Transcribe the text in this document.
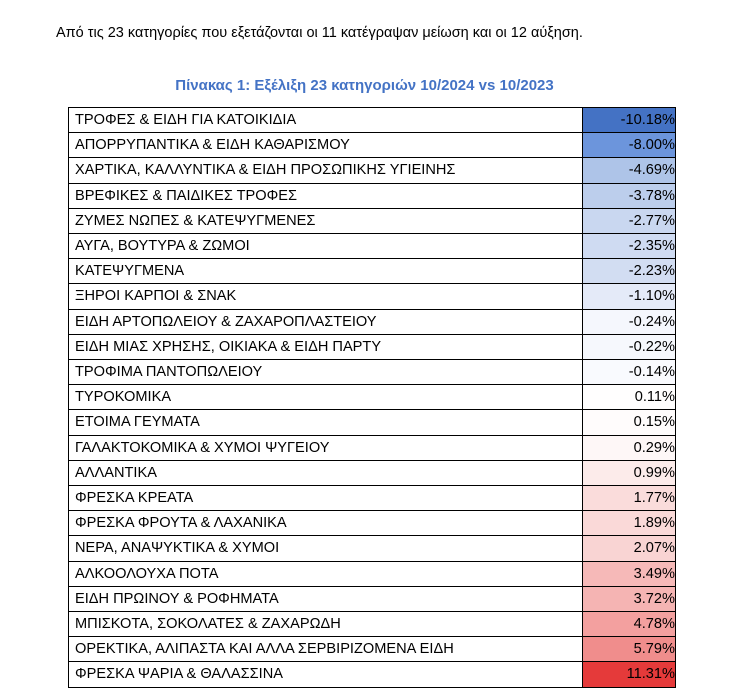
Από τις 23 κατηγορίες που εξετάζονται οι 11 κατέγραψαν μείωση και οι 12 αύξηση.
Πίνακας 1: Εξέλιξη 23 κατηγοριών 10/2024 vs 10/2023
ΤΡΟΦΕΣ & ΕΙΔΗ ΓΙΑ ΚΑΤΟΙΚΙΔΙΑ	-10.18%
ΑΠΟΡΡΥΠΑΝΤΙΚΑ & ΕΙΔΗ ΚΑΘΑΡΙΣΜΟΥ	-8.00%
ΧΑΡΤΙΚΑ, ΚΑΛΛΥΝΤΙΚΑ & ΕΙΔΗ ΠΡΟΣΩΠΙΚΗΣ ΥΓΙΕΙΝΗΣ	-4.69%
ΒΡΕΦΙΚΕΣ & ΠΑΙΔΙΚΕΣ ΤΡΟΦΕΣ	-3.78%
ΖΥΜΕΣ ΝΩΠΕΣ & ΚΑΤΕΨΥΓΜΕΝΕΣ	-2.77%
ΑΥΓΑ, ΒΟΥΤΥΡΑ & ΖΩΜΟΙ	-2.35%
ΚΑΤΕΨΥΓΜΕΝΑ	-2.23%
ΞΗΡΟΙ ΚΑΡΠΟΙ & ΣΝΑΚ	-1.10%
ΕΙΔΗ ΑΡΤΟΠΩΛΕΙΟΥ & ΖΑΧΑΡΟΠΛΑΣΤΕΙΟΥ	-0.24%
ΕΙΔΗ ΜΙΑΣ ΧΡΗΣΗΣ, ΟΙΚΙΑΚΑ & ΕΙΔΗ ΠΑΡΤΥ	-0.22%
ΤΡΟΦΙΜΑ ΠΑΝΤΟΠΩΛΕΙΟΥ	-0.14%
ΤΥΡΟΚΟΜΙΚΑ	0.11%
ΕΤΟΙΜΑ ΓΕΥΜΑΤΑ	0.15%
ΓΑΛΑΚΤΟΚΟΜΙΚΑ & ΧΥΜΟΙ ΨΥΓΕΙΟΥ	0.29%
ΑΛΛΑΝΤΙΚΑ	0.99%
ΦΡΕΣΚΑ ΚΡΕΑΤΑ	1.77%
ΦΡΕΣΚΑ ΦΡΟΥΤΑ & ΛΑΧΑΝΙΚΑ	1.89%
ΝΕΡΑ, ΑΝΑΨΥΚΤΙΚΑ & ΧΥΜΟΙ	2.07%
ΑΛΚΟΟΛΟΥΧΑ ΠΟΤΑ	3.49%
ΕΙΔΗ ΠΡΩΙΝΟΥ & ΡΟΦΗΜΑΤΑ	3.72%
ΜΠΙΣΚΟΤΑ, ΣΟΚΟΛΑΤΕΣ & ΖΑΧΑΡΩΔΗ	4.78%
ΟΡΕΚΤΙΚΑ, ΑΛΙΠΑΣΤΑ ΚΑΙ ΑΛΛΑ ΣΕΡΒΙΡΙΖΟΜΕΝΑ ΕΙΔΗ	5.79%
ΦΡΕΣΚΑ ΨΑΡΙΑ & ΘΑΛΑΣΣΙΝΑ	11.31%
